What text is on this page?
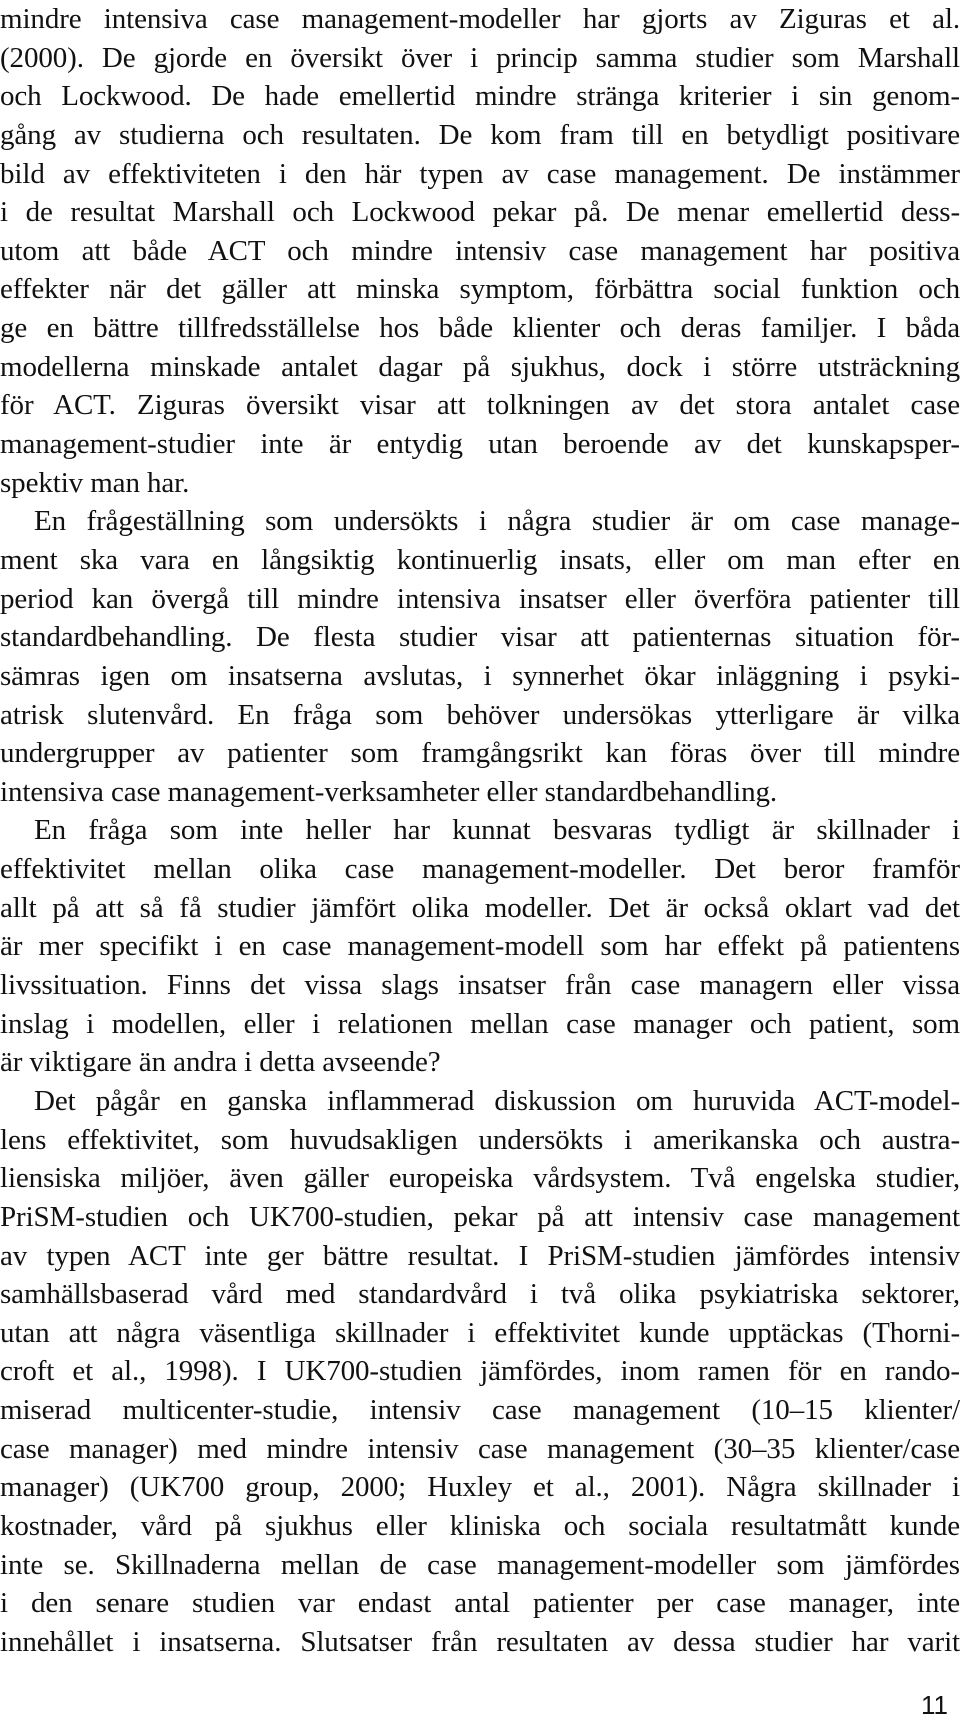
mindre intensiva case management-modeller har gjorts av Ziguras et al.
(2000). De gjorde en översikt över i princip samma studier som Marshall
och Lockwood. De hade emellertid mindre stränga kriterier i sin genom-
gång av studierna och resultaten. De kom fram till en betydligt positivare
bild av effektiviteten i den här typen av case management. De instämmer
i de resultat Marshall och Lockwood pekar på. De menar emellertid dess-
utom att både ACT och mindre intensiv case management har positiva
effekter när det gäller att minska symptom, förbättra social funktion och
ge en bättre tillfredsställelse hos både klienter och deras familjer. I båda
modellerna minskade antalet dagar på sjukhus, dock i större utsträckning
för ACT. Ziguras översikt visar att tolkningen av det stora antalet case
management-studier inte är entydig utan beroende av det kunskapsper-
spektiv man har.
En frågeställning som undersökts i några studier är om case manage-
ment ska vara en långsiktig kontinuerlig insats, eller om man efter en
period kan övergå till mindre intensiva insatser eller överföra patienter till
standardbehandling. De flesta studier visar att patienternas situation för-
sämras igen om insatserna avslutas, i synnerhet ökar inläggning i psyki-
atrisk slutenvård. En fråga som behöver undersökas ytterligare är vilka
undergrupper av patienter som framgångsrikt kan föras över till mindre
intensiva case management-verksamheter eller standardbehandling.
En fråga som inte heller har kunnat besvaras tydligt är skillnader i
effektivitet mellan olika case management-modeller. Det beror framför
allt på att så få studier jämfört olika modeller. Det är också oklart vad det
är mer specifikt i en case management-modell som har effekt på patientens
livssituation. Finns det vissa slags insatser från case managern eller vissa
inslag i modellen, eller i relationen mellan case manager och patient, som
är viktigare än andra i detta avseende?
Det pågår en ganska inflammerad diskussion om huruvida ACT-model-
lens effektivitet, som huvudsakligen undersökts i amerikanska och austra-
liensiska miljöer, även gäller europeiska vårdsystem. Två engelska studier,
PriSM-studien och UK700-studien, pekar på att intensiv case management
av typen ACT inte ger bättre resultat. I PriSM-studien jämfördes intensiv
samhällsbaserad vård med standardvård i två olika psykiatriska sektorer,
utan att några väsentliga skillnader i effektivitet kunde upptäckas (Thorni-
croft et al., 1998). I UK700-studien jämfördes, inom ramen för en rando-
miserad multicenter-studie, intensiv case management (10–15 klienter/
case manager) med mindre intensiv case management (30–35 klienter/case
manager) (UK700 group, 2000; Huxley et al., 2001). Några skillnader i
kostnader, vård på sjukhus eller kliniska och sociala resultatmått kunde
inte se. Skillnaderna mellan de case management-modeller som jämfördes
i den senare studien var endast antal patienter per case manager, inte
innehållet i insatserna. Slutsatser från resultaten av dessa studier har varit
11
